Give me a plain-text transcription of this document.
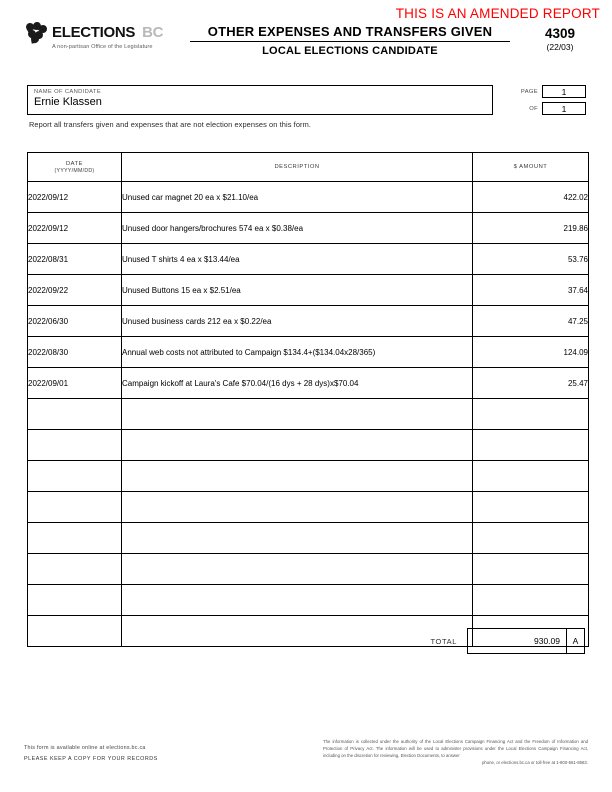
THIS IS AN AMENDED REPORT
ELECTIONS BC
A non-partisan Office of the Legislature
OTHER EXPENSES AND TRANSFERS GIVEN
LOCAL ELECTIONS CANDIDATE
4309
(22/03)
NAME OF CANDIDATE
Ernie Klassen
PAGE	1
OF	1
Report all transfers given and expenses that are not election expenses on this form.
DATE
(YYYY/MM/DD)	DESCRIPTION	$ AMOUNT
2022/09/12	Unused car magnet 20 ea x $21.10/ea	422.02
2022/09/12	Unused door hangers/brochures 574 ea x $0.38/ea	219.86
2022/08/31	Unused T shirts 4 ea x $13.44/ea	53.76
2022/09/22	Unused Buttons 15 ea x $2.51/ea	37.64
2022/06/30	Unused business cards 212 ea x $0.22/ea	47.25
2022/08/30	Annual web costs not attributed to Campaign $134.4+($134.04x28/365)	124.09
2022/09/01	Campaign kickoff at Laura's Cafe $70.04/(16 dys + 28 dys)x$70.04	25.47

TOTAL	930.09	A
This form is available online at elections.bc.ca
PLEASE KEEP A COPY FOR YOUR RECORDS
The information is collected under the authority of the Local Elections Campaign Financing Act and the Freedom of Information and Protection of Privacy Act. The information will be used to administer provisions under the Local Elections Campaign Financing Act, including on the discretion for reviewing, Election Documents, to answer
phone, or elections.bc.ca or toll-free at 1-800-661-8683.
